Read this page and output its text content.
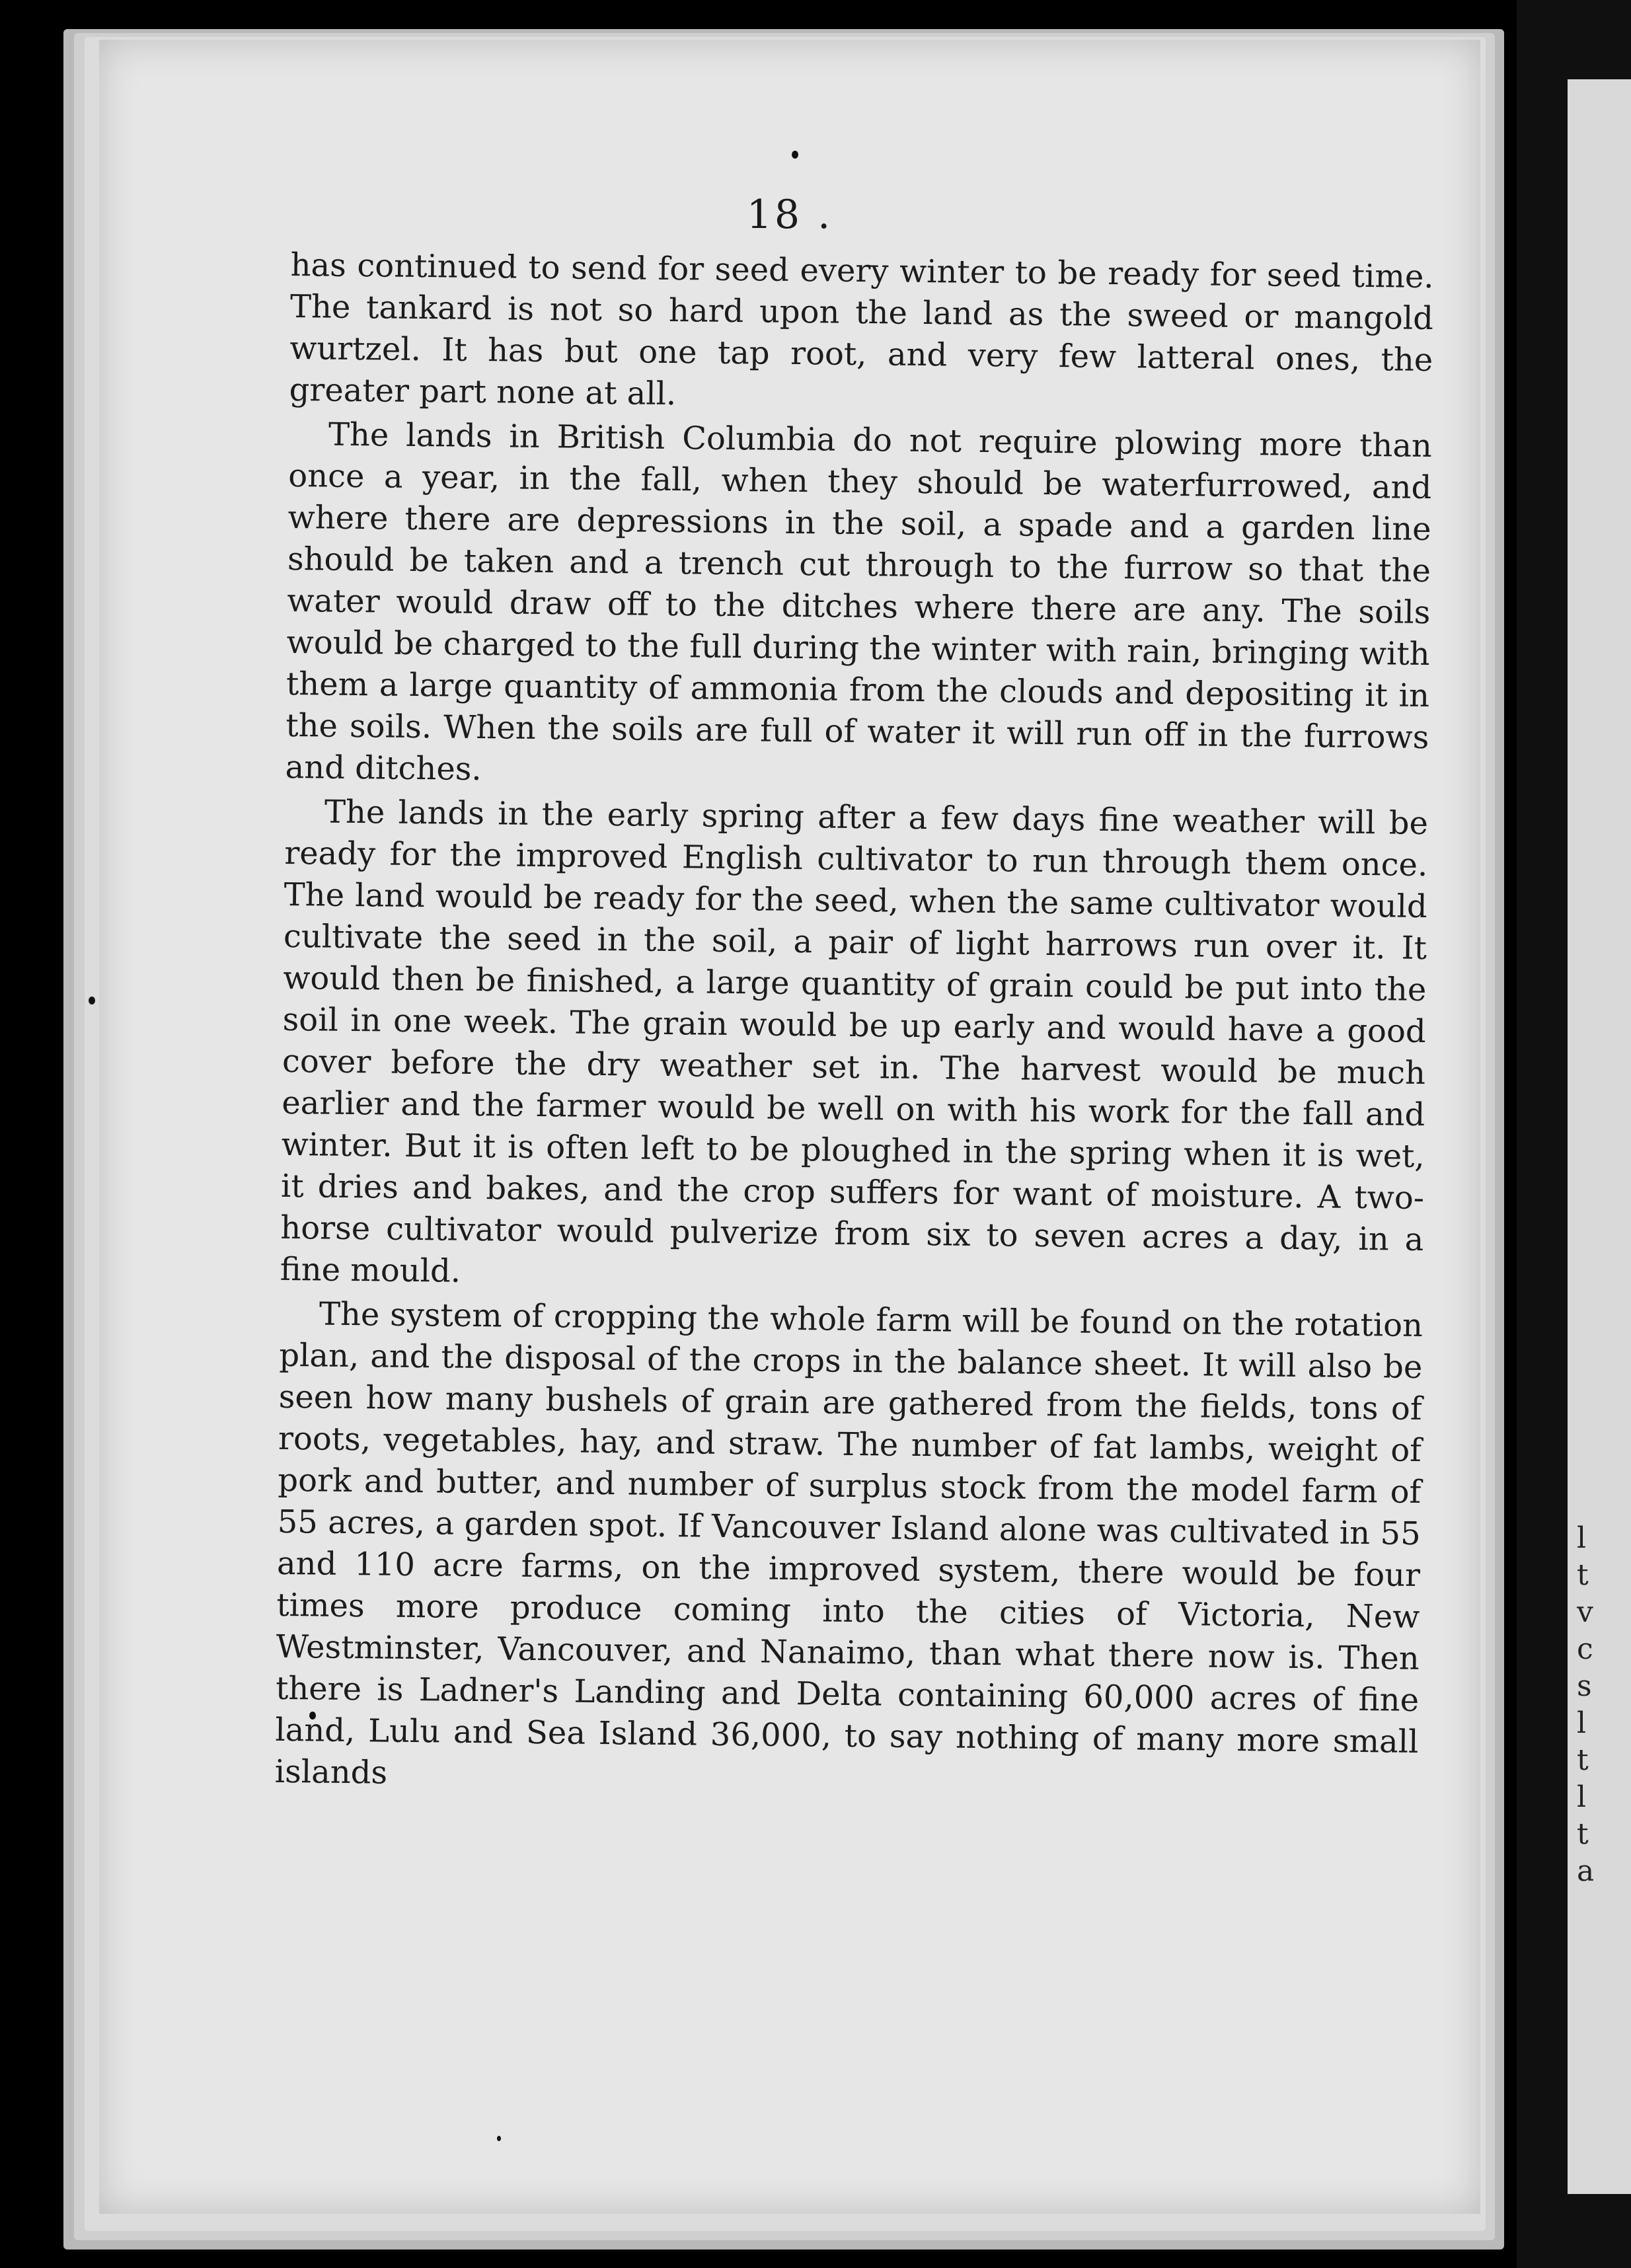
18 .

has continued to send for seed every winter to be ready for seed time. The tankard is not so hard upon the land as the sweed or mangold wurtzel. It has but one tap root, and very few latteral ones, the greater part none at all.

The lands in British Columbia do not require plowing more than once a year, in the fall, when they should be waterfurrowed, and where there are depressions in the soil, a spade and a garden line should be taken and a trench cut through to the furrow so that the water would draw off to the ditches where there are any. The soils would be charged to the full during the winter with rain, bringing with them a large quantity of ammonia from the clouds and depositing it in the soils. When the soils are full of water it will run off in the furrows and ditches.

The lands in the early spring after a few days fine weather will be ready for the improved English cultivator to run through them once. The land would be ready for the seed, when the same cultivator would cultivate the seed in the soil, a pair of light harrows run over it. It would then be finished, a large quantity of grain could be put into the soil in one week. The grain would be up early and would have a good cover before the dry weather set in. The harvest would be much earlier and the farmer would be well on with his work for the fall and winter. But it is often left to be ploughed in the spring when it is wet, it dries and bakes, and the crop suffers for want of moisture. A two-horse cultivator would pulverize from six to seven acres a day, in a fine mould.

The system of cropping the whole farm will be found on the rotation plan, and the disposal of the crops in the balance sheet. It will also be seen how many bushels of grain are gathered from the fields, tons of roots, vegetables, hay, and straw. The number of fat lambs, weight of pork and butter, and number of surplus stock from the model farm of 55 acres, a garden spot. If Vancouver Island alone was cultivated in 55 and 110 acre farms, on the improved system, there would be four times more produce coming into the cities of Victoria, New Westminster, Vancouver, and Nanaimo, than what there now is. Then there is Ladner's Landing and Delta containing 60,000 acres of fine land, Lulu and Sea Island 36,000, to say nothing of many more small islands

l
t
v
c
s
l
t
l
t
a
